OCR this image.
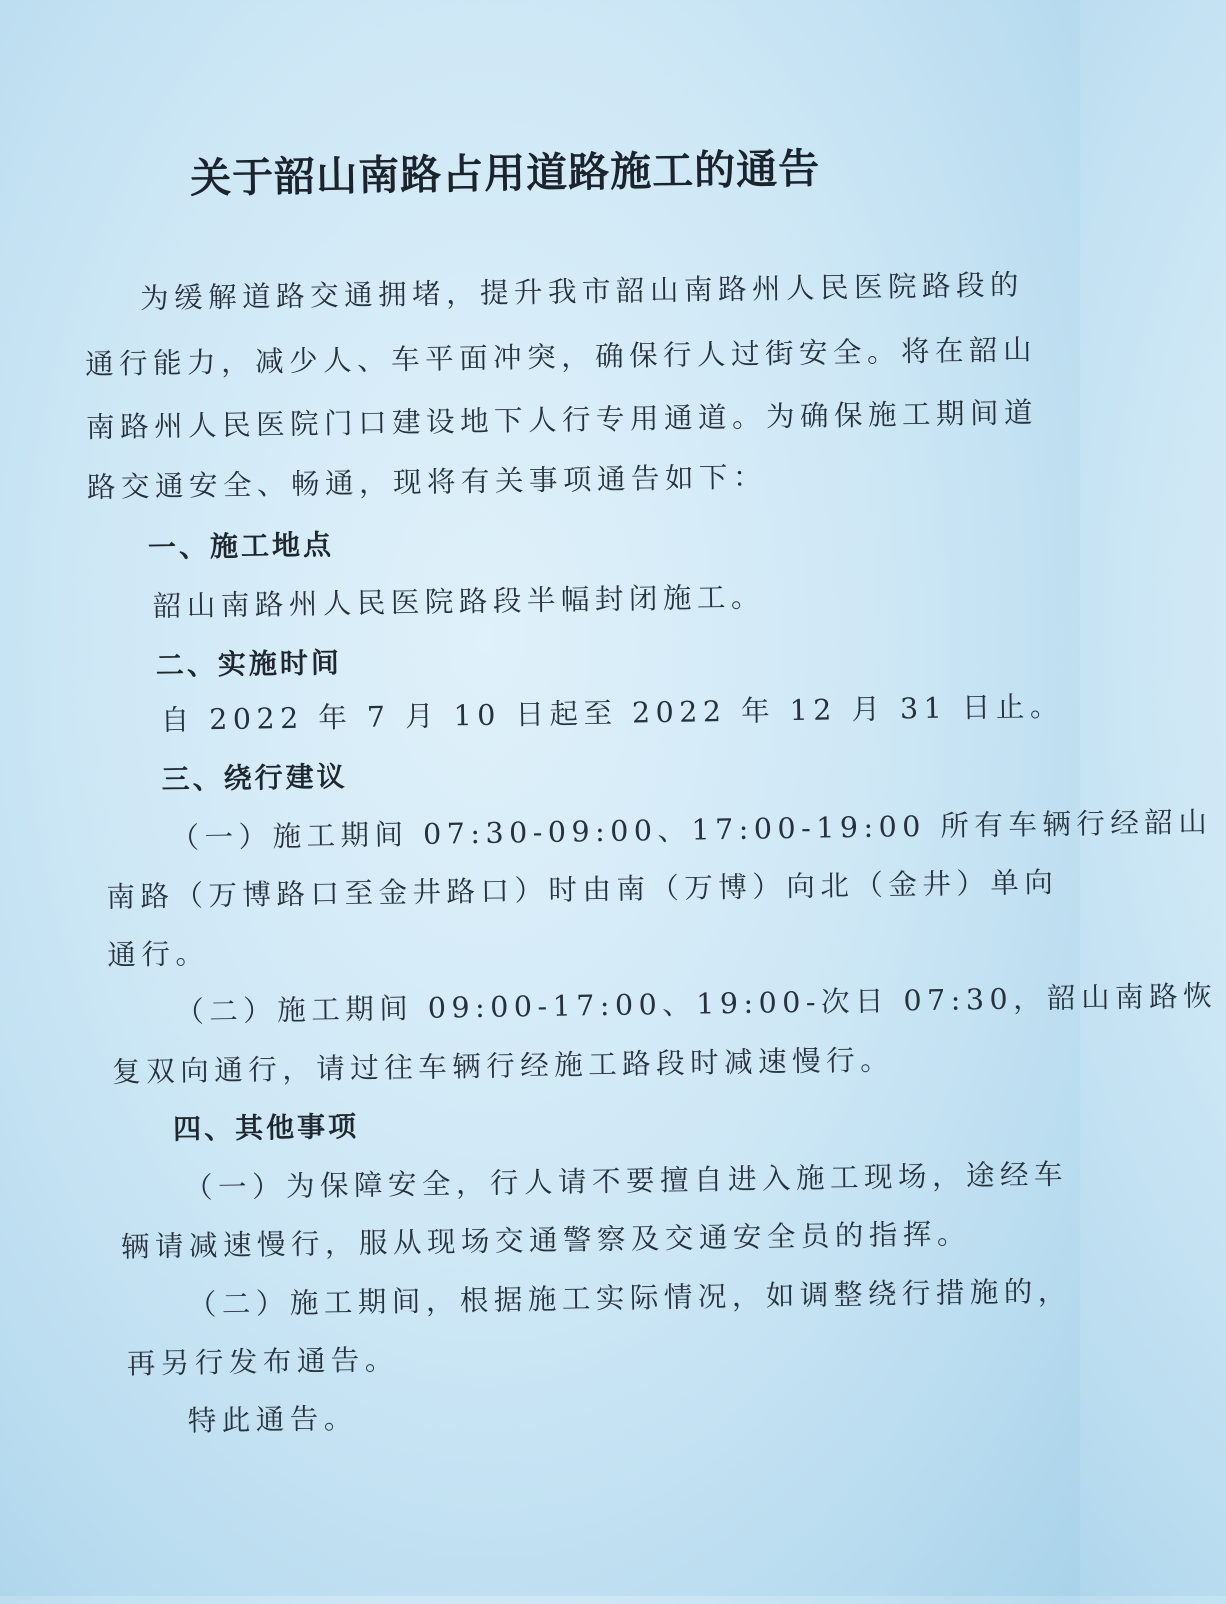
关于韶山南路占用道路施工的通告
为缓解道路交通拥堵，提升我市韶山南路州人民医院路段的
通行能力，减少人、车平面冲突，确保行人过街安全。将在韶山
南路州人民医院门口建设地下人行专用通道。为确保施工期间道
路交通安全、畅通，现将有关事项通告如下：
一、施工地点
韶山南路州人民医院路段半幅封闭施工。
二、实施时间
自 2022 年 7 月 10 日起至 2022 年 12 月 31 日止。
三、绕行建议
（一）施工期间 07:30-09:00、17:00-19:00 所有车辆行经韶山
南路（万博路口至金井路口）时由南（万博）向北（金井）单向
通行。
（二）施工期间 09:00-17:00、19:00-次日 07:30，韶山南路恢
复双向通行，请过往车辆行经施工路段时减速慢行。
四、其他事项
（一）为保障安全，行人请不要擅自进入施工现场，途经车
辆请减速慢行，服从现场交通警察及交通安全员的指挥。
（二）施工期间，根据施工实际情况，如调整绕行措施的，
再另行发布通告。
特此通告。
